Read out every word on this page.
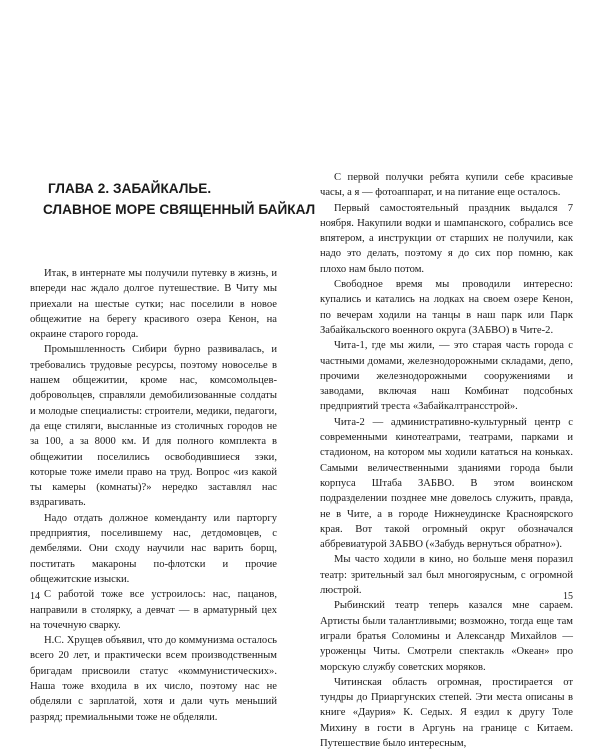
ГЛАВА 2. ЗАБАЙКАЛЬЕ.
СЛАВНОЕ МОРЕ СВЯЩЕННЫЙ БАЙКАЛ

Итак, в интернате мы получили путевку в жизнь, и впереди нас ждало долгое путешествие. В Читу мы приехали на шестые сутки; нас поселили в новое общежитие на берегу красивого озера Кенон, на окраине старого города.

Промышленность Сибири бурно развивалась, и требовались трудовые ресурсы, поэтому новоселье в нашем общежитии, кроме нас, комсомольцев-добровольцев, справляли демобилизованные солдаты и молодые специалисты: строители, медики, педагоги, да еще стиляги, высланные из столичных городов не за 100, а за 8000 км. И для полного комплекта в общежитии поселились освободившиеся зэки, которые тоже имели право на труд. Вопрос «из какой ты камеры (комнаты)?» нередко заставлял нас вздрагивать.

Надо отдать должное коменданту или парторгу предприятия, поселившему нас, детдомовцев, с дембелями. Они сходу научили нас варить борщ, поститать макароны по-флотски и прочие общежитские изыски.

С работой тоже все устроилось: нас, пацанов, направили в столярку, а девчат — в арматурный цех на точечную сварку.

Н.С. Хрущев объявил, что до коммунизма осталось всего 20 лет, и практически всем производственным бригадам присвоили статус «коммунистических». Наша тоже входила в их число, поэтому нас не обделяли с зарплатой, хотя и дали чуть меньший разряд; премиальными тоже не обделяли.

14

С первой получки ребята купили себе красивые часы, а я — фотоаппарат, и на питание еще осталось.

Первый самостоятельный праздник выдался 7 ноября. Накупили водки и шампанского, собрались все впятером, а инструкции от старших не получили, как надо это делать, поэтому я до сих пор помню, как плохо нам было потом.

Свободное время мы проводили интересно: купались и катались на лодках на своем озере Кенон, по вечерам ходили на танцы в наш парк или Парк Забайкальского военного округа (ЗАБВО) в Чите-2.

Чита-1, где мы жили, — это старая часть города с частными домами, железнодорожными складами, депо, прочими железнодорожными сооружениями и заводами, включая наш Комбинат подсобных предприятий треста «Забайкалтрансстрой».

Чита-2 — административно-культурный центр с современными кинотеатрами, театрами, парками и стадионом, на котором мы ходили кататься на коньках. Самыми величественными зданиями города были корпуса Штаба ЗАБВО. В этом воинском подразделении позднее мне довелось служить, правда, не в Чите, а в городе Нижнеудинске Красноярского края. Вот такой огромный округ обозначался аббревиатурой ЗАБВО («Забудь вернуться обратно»).

Мы часто ходили в кино, но больше меня поразил театр: зрительный зал был многоярусным, с огромной люстрой.

Рыбинский театр теперь казался мне сараем. Артисты были талантливыми; возможно, тогда еще там играли братья Соломины и Александр Михайлов — уроженцы Читы. Смотрели спектакль «Океан» про морскую службу советских моряков.

Читинская область огромная, простирается от тундры до Приаргунских степей. Эти места описаны в книге «Даурия» К. Седых. Я ездил к другу Толе Михину в гости в Аргунь на границе с Китаем. Путешествие было интересным,

15
